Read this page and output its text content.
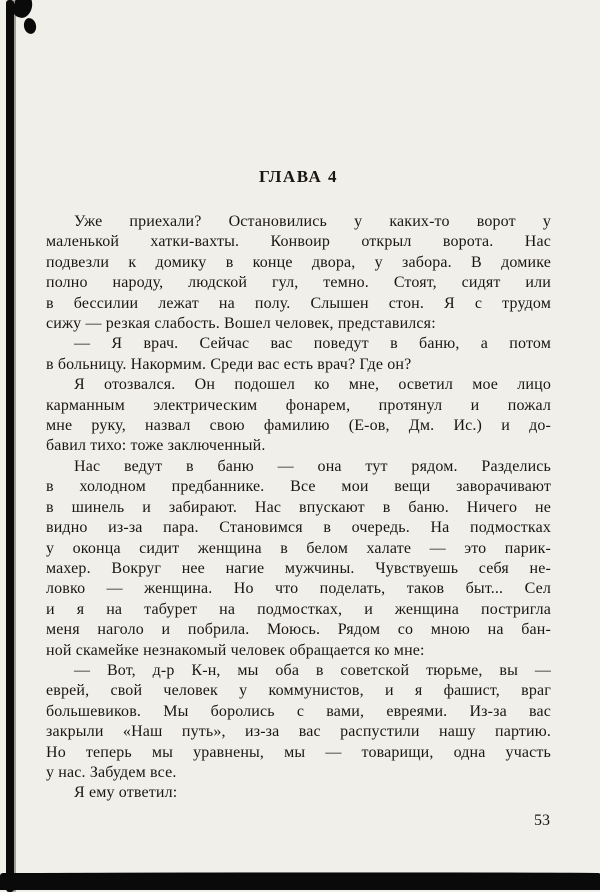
ГЛАВА 4
Уже приехали? Остановились у каких-то ворот у
маленькой хатки-вахты. Конвоир открыл ворота. Нас
подвезли к домику в конце двора, у забора. В домике
полно народу, людской гул, темно. Стоят, сидят или
в бессилии лежат на полу. Слышен стон. Я с трудом
сижу — резкая слабость. Вошел человек, представился:
— Я врач. Сейчас вас поведут в баню, а потом
в больницу. Накормим. Среди вас есть врач? Где он?
Я отозвался. Он подошел ко мне, осветил мое лицо
карманным электрическим фонарем, протянул и пожал
мне руку, назвал свою фамилию (Е-ов, Дм. Ис.) и до-
бавил тихо: тоже заключенный.
Нас ведут в баню — она тут рядом. Разделись
в холодном предбаннике. Все мои вещи заворачивают
в шинель и забирают. Нас впускают в баню. Ничего не
видно из-за пара. Становимся в очередь. На подмостках
у оконца сидит женщина в белом халате — это парик-
махер. Вокруг нее нагие мужчины. Чувствуешь себя не-
ловко — женщина. Но что поделать, таков быт... Сел
и я на табурет на подмостках, и женщина постригла
меня наголо и побрила. Моюсь. Рядом со мною на бан-
ной скамейке незнакомый человек обращается ко мне:
— Вот, д-р К-н, мы оба в советской тюрьме, вы —
еврей, свой человек у коммунистов, и я фашист, враг
большевиков. Мы боролись с вами, евреями. Из-за вас
закрыли «Наш путь», из-за вас распустили нашу партию.
Но теперь мы уравнены, мы — товарищи, одна участь
у нас. Забудем все.
Я ему ответил:
53
